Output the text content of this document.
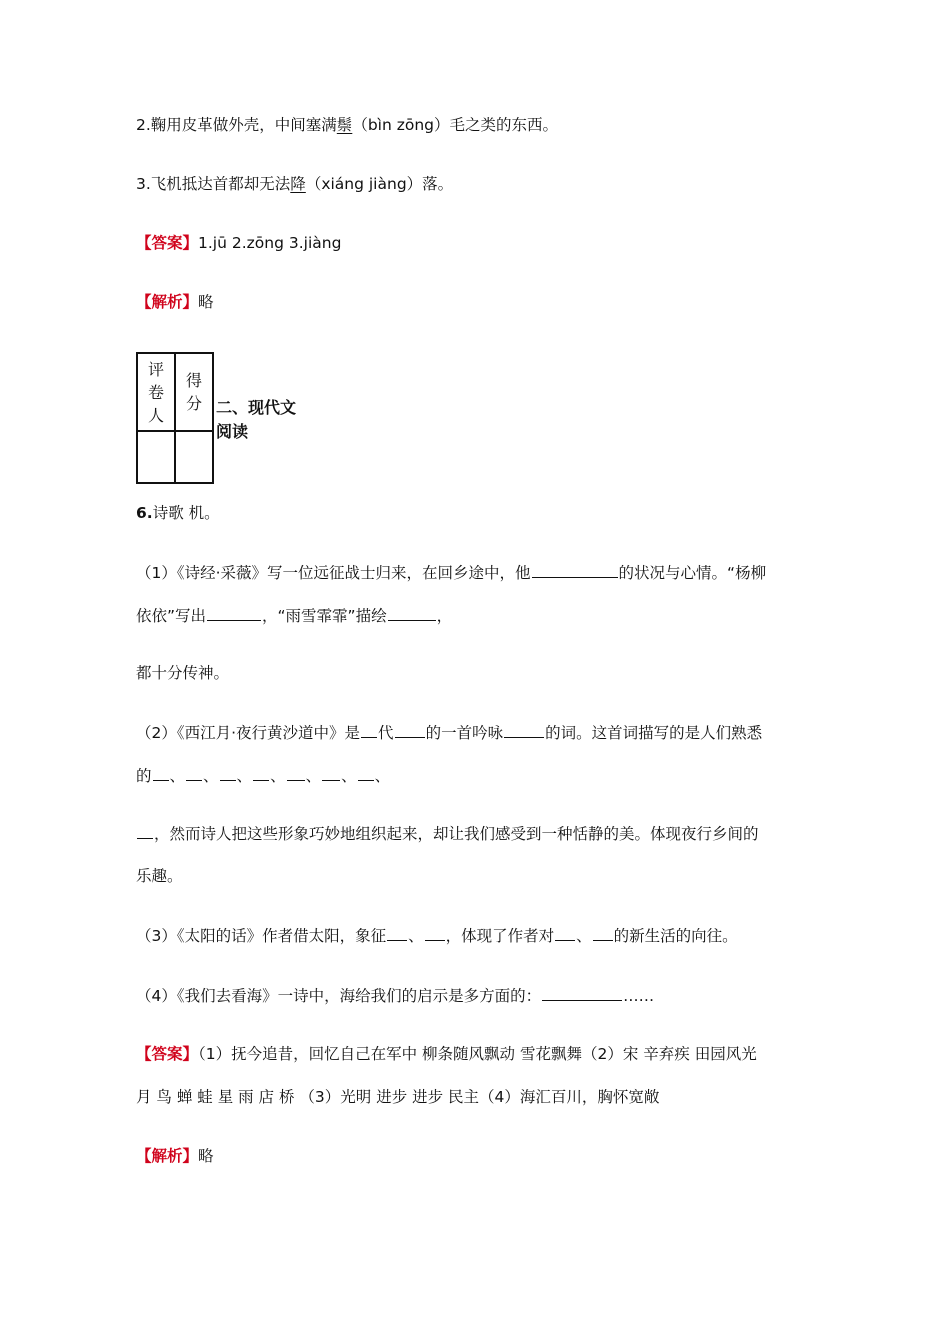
2.鞠用皮革做外壳，中间塞满鬃（bìn zōng）毛之类的东西。
3.飞机抵达首都却无法降（xiáng jiàng）落。
【答案】1.jū 2.zōng 3.jiàng
【解析】略
评卷人	得分
	二、现代文阅读
6.诗歌 机。
（1）《诗经·采薇》写一位远征战士归来，在回乡途中，他	的状况与心情。“杨柳
依依”写出	，“雨雪霏霏”描绘	，
都十分传神。
（2）《西江月·夜行黄沙道中》是 代 的一首吟咏	的词。这首词描写的是人们熟悉
的 、 、 、 、 、 、 、
，然而诗人把这些形象巧妙地组织起来，却让我们感受到一种恬静的美。体现夜行乡间的
乐趣。
（3）《太阳的话》作者借太阳，象征 、 ，体现了作者对 、 的新生活的向往。
（4）《我们去看海》一诗中，海给我们的启示是多方面的：	……
【答案】（1）抚今追昔，回忆自己在军中 柳条随风飘动 雪花飘舞（2）宋 辛弃疾 田园风光
月 鸟 蝉 蛙 星 雨 店 桥 （3）光明 进步 进步 民主（4）海汇百川，胸怀宽敞
【解析】略
